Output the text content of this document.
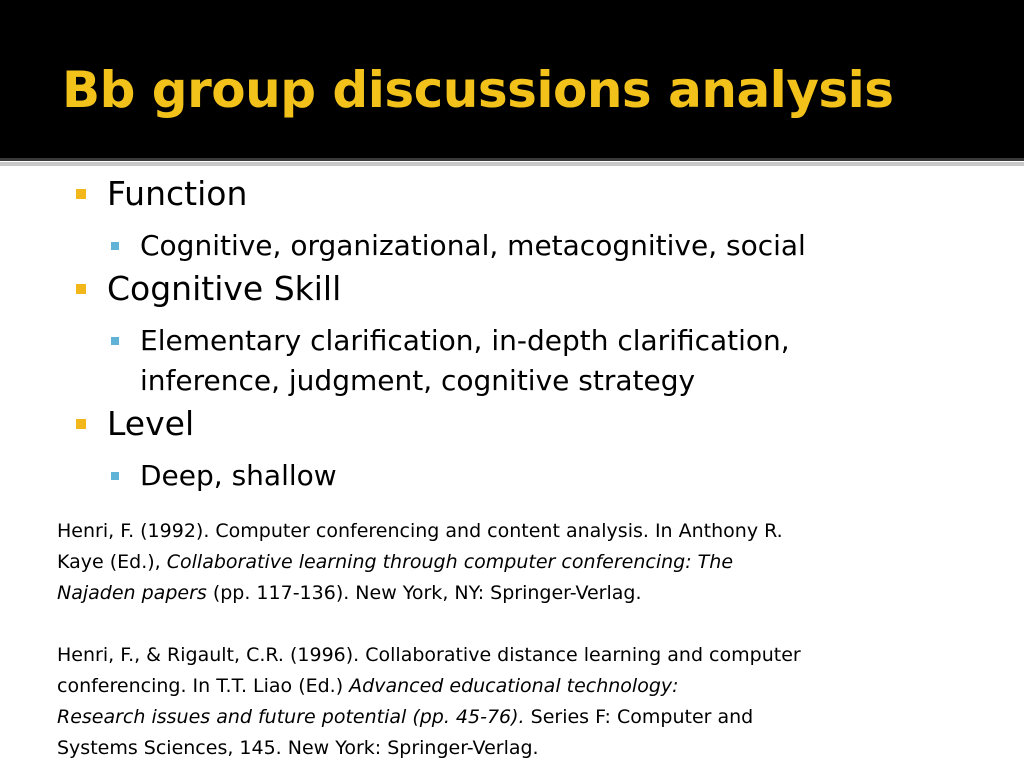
Bb group discussions analysis
Function
Cognitive, organizational, metacognitive, social
Cognitive Skill
Elementary clarification, in-depth clarification,
inference, judgment, cognitive strategy
Level
Deep, shallow

Henri, F. (1992). Computer conferencing and content analysis. In Anthony R.

Kaye (Ed.), Collaborative learning through computer conferencing: The

Najaden papers (pp. 117-136). New York, NY: Springer-Verlag.

Henri, F., & Rigault, C.R. (1996). Collaborative distance learning and computer

conferencing. In T.T. Liao (Ed.) Advanced educational technology:

Research issues and future potential (pp. 45-76). Series F: Computer and

Systems Sciences, 145. New York: Springer-Verlag.
